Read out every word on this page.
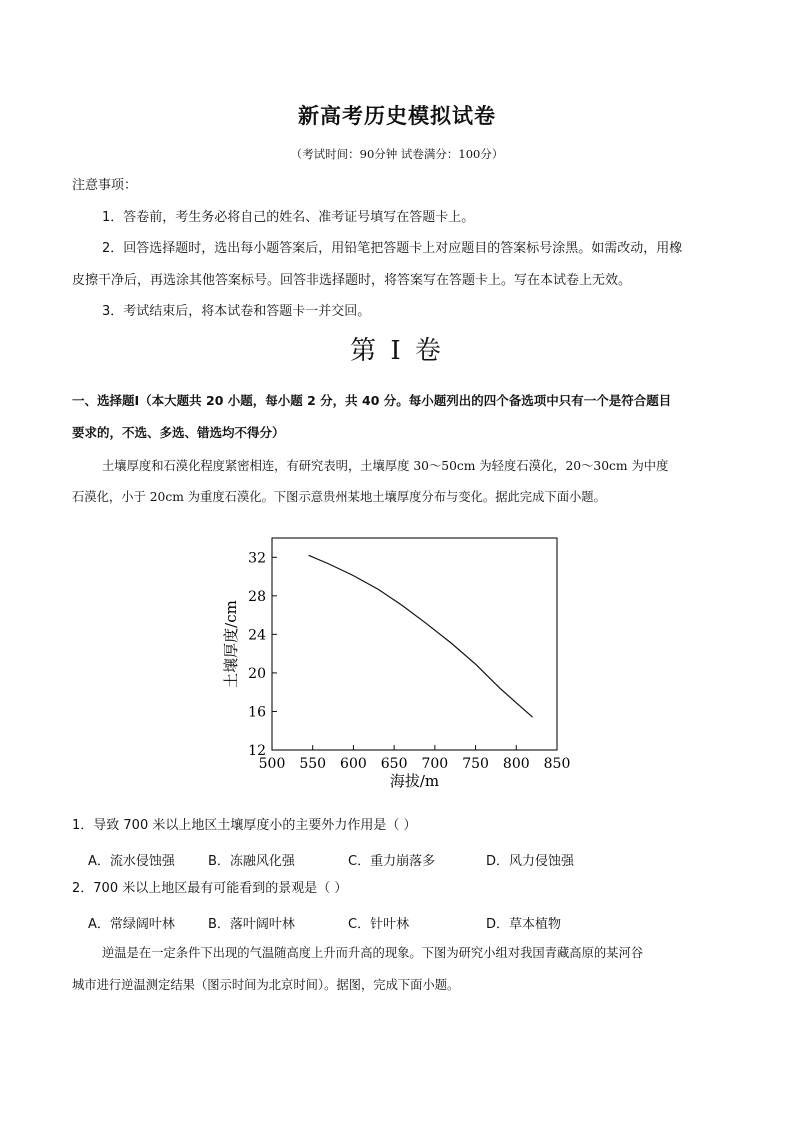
新高考历史模拟试卷
（考试时间：90分钟 试卷满分：100分）
注意事项：
1．答卷前，考生务必将自己的姓名、准考证号填写在答题卡上。
2．回答选择题时，选出每小题答案后，用铅笔把答题卡上对应题目的答案标号涂黑。如需改动，用橡
皮擦干净后，再选涂其他答案标号。回答非选择题时，将答案写在答题卡上。写在本试卷上无效。
3．考试结束后，将本试卷和答题卡一并交回。
第 I 卷
一、选择题Ⅰ（本大题共 20 小题，每小题 2 分，共 40 分。每小题列出的四个备选项中只有一个是符合题目
要求的，不选、多选、错选均不得分）
土壤厚度和石漠化程度紧密相连，有研究表明，土壤厚度 30～50cm 为轻度石漠化，20～30cm 为中度
石漠化，小于 20cm 为重度石漠化。下图示意贵州某地土壤厚度分布与变化。据此完成下面小题。
12
16
20
24
28
32
500 550 600 650 700 750 800 850
海拔/m
土壤厚度/cm
1．导致 700 米以上地区土壤厚度小的主要外力作用是（ ）
A．流水侵蚀强	B．冻融风化强	C．重力崩落多	D．风力侵蚀强
2．700 米以上地区最有可能看到的景观是（ ）
A．常绿阔叶林	B．落叶阔叶林	C．针叶林	D．草本植物
逆温是在一定条件下出现的气温随高度上升而升高的现象。下图为研究小组对我国青藏高原的某河谷
城市进行逆温测定结果（图示时间为北京时间）。据图，完成下面小题。
